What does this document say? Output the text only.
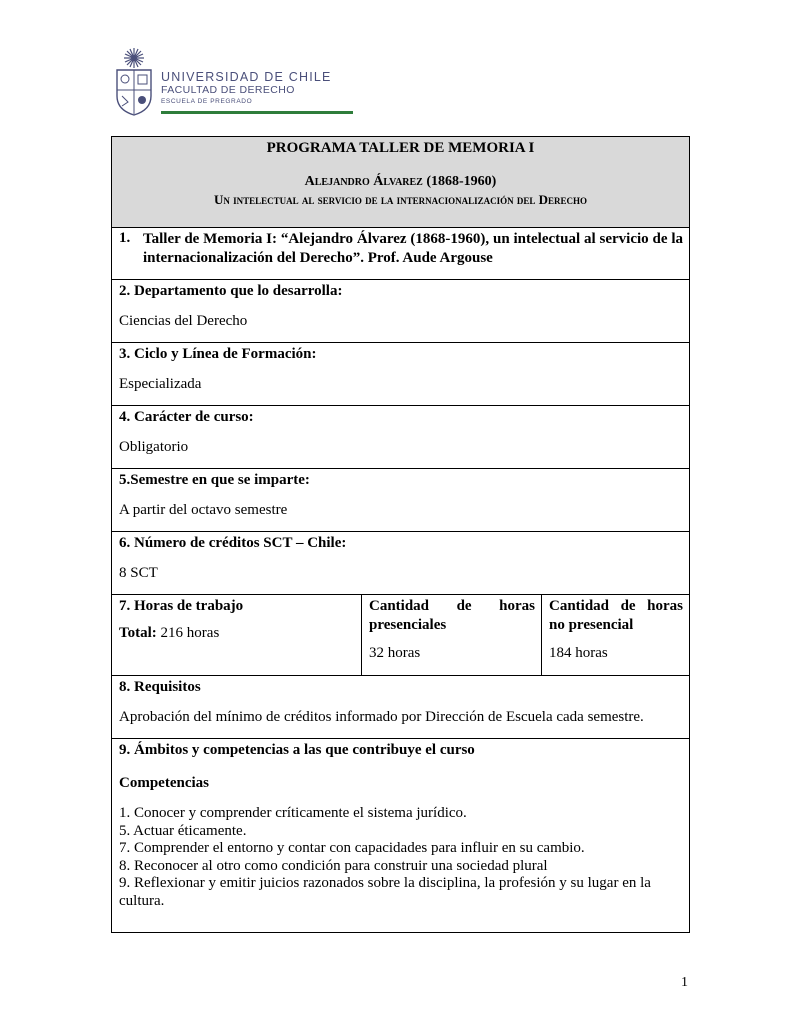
UNIVERSIDAD DE CHILE
FACULTAD DE DERECHO
ESCUELA DE PREGRADO
PROGRAMA TALLER DE MEMORIA I
Alejandro Álvarez (1868-1960)
Un intelectual al servicio de la internacionalización del Derecho
1. Taller de Memoria I: “Alejandro Álvarez (1868-1960), un intelectual al servicio de la internacionalización del Derecho”. Prof. Aude Argouse
2. Departamento que lo desarrolla:
Ciencias del Derecho
3. Ciclo y Línea de Formación:
Especializada
4. Carácter de curso:
Obligatorio
5.Semestre en que se imparte:
A partir del octavo semestre
6. Número de créditos SCT – Chile:
8 SCT
7. Horas de trabajo
Total: 216 horas
Cantidad de horas presenciales
32 horas
Cantidad de horas no presencial
184 horas
8. Requisitos
Aprobación del mínimo de créditos informado por Dirección de Escuela cada semestre.
9. Ámbitos y competencias a las que contribuye el curso
Competencias
1. Conocer y comprender críticamente el sistema jurídico.
5. Actuar éticamente.
7. Comprender el entorno y contar con capacidades para influir en su cambio.
8. Reconocer al otro como condición para construir una sociedad plural
9. Reflexionar y emitir juicios razonados sobre la disciplina, la profesión y su lugar en la cultura.
1
